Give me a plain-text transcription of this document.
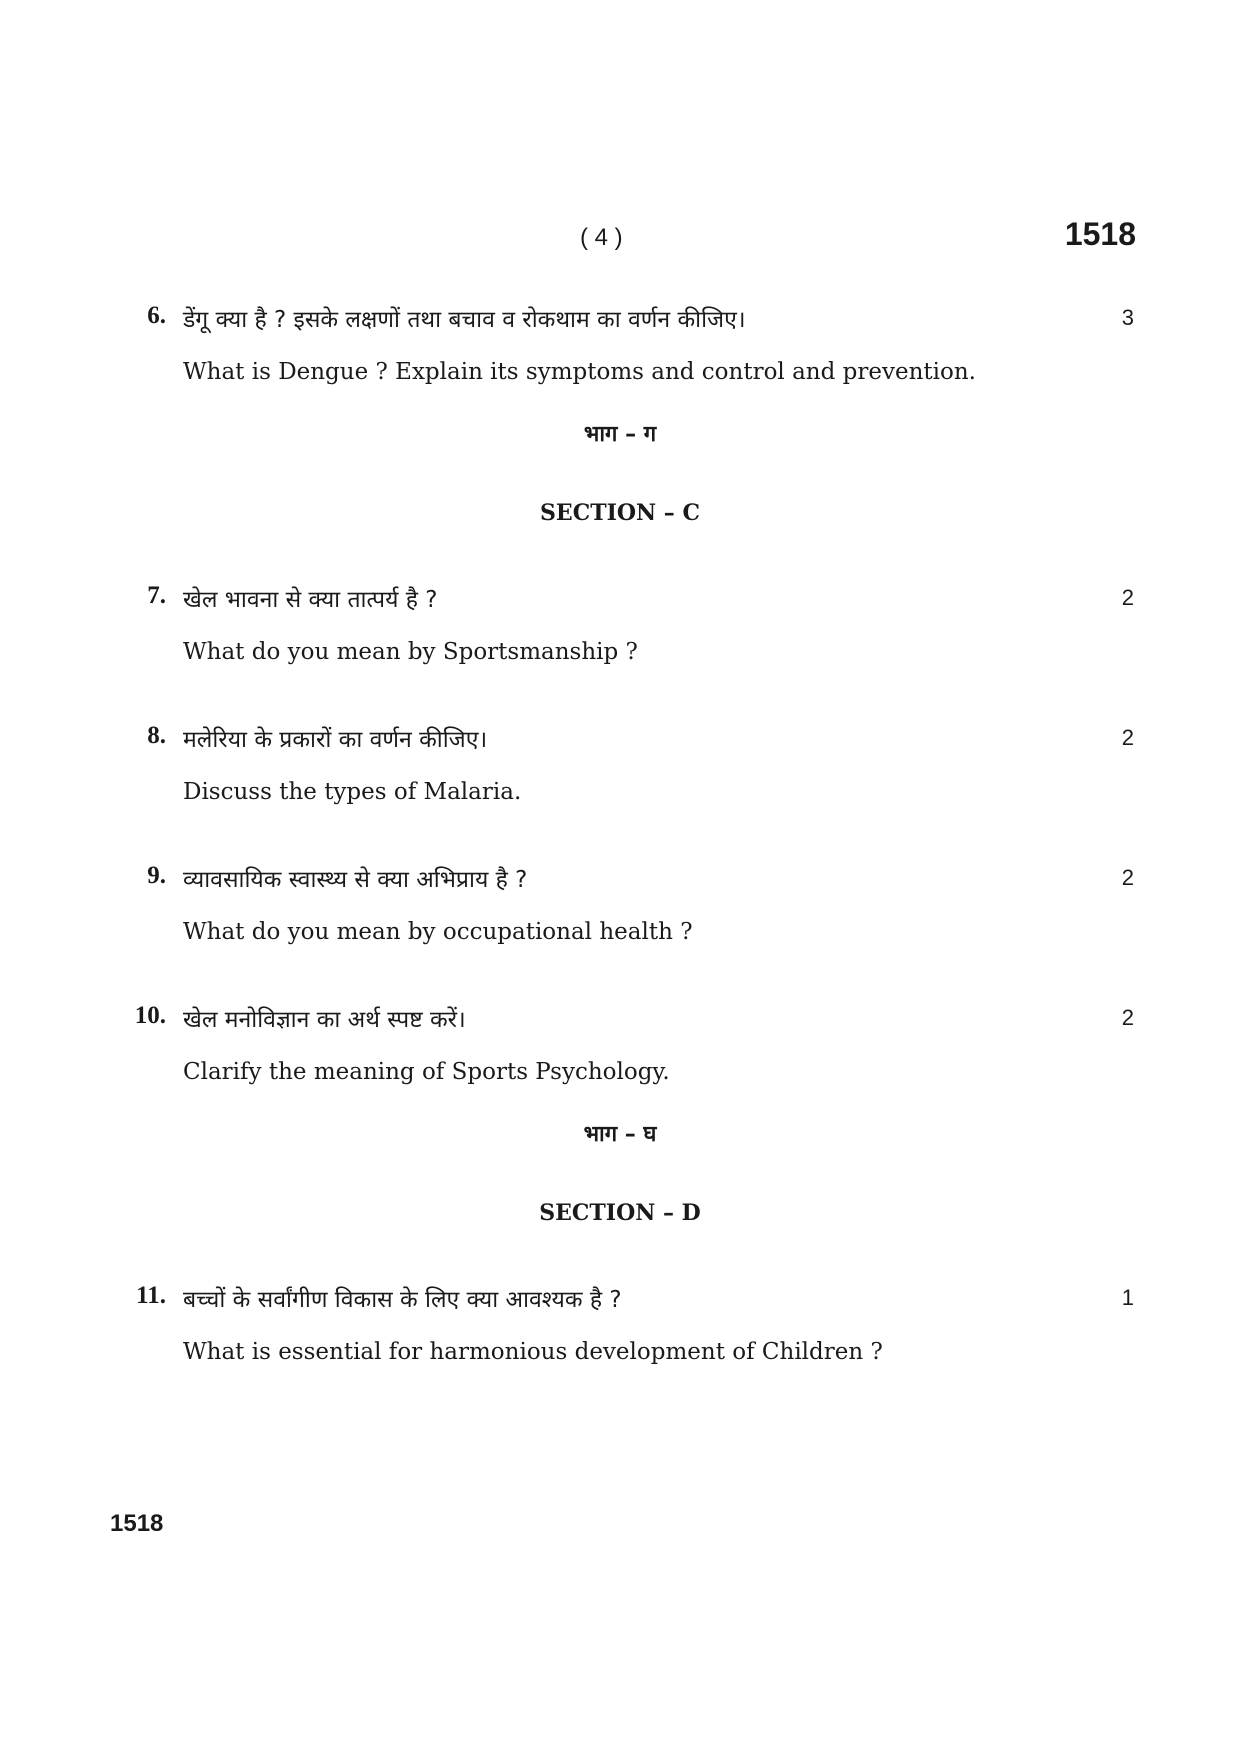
( 4 )	1518
6. डेंगू क्या है ? इसके लक्षणों तथा बचाव व रोकथाम का वर्णन कीजिए।	3
What is Dengue ? Explain its symptoms and control and prevention.
भाग – ग
SECTION – C
7. खेल भावना से क्या तात्पर्य है ?	2
What do you mean by Sportsmanship ?
8. मलेरिया के प्रकारों का वर्णन कीजिए।	2
Discuss the types of Malaria.
9. व्यावसायिक स्वास्थ्य से क्या अभिप्राय है ?	2
What do you mean by occupational health ?
10. खेल मनोविज्ञान का अर्थ स्पष्ट करें।	2
Clarify the meaning of Sports Psychology.
भाग – घ
SECTION – D
11. बच्चों के सर्वांगीण विकास के लिए क्या आवश्यक है ?	1
What is essential for harmonious development of Children ?
1518
